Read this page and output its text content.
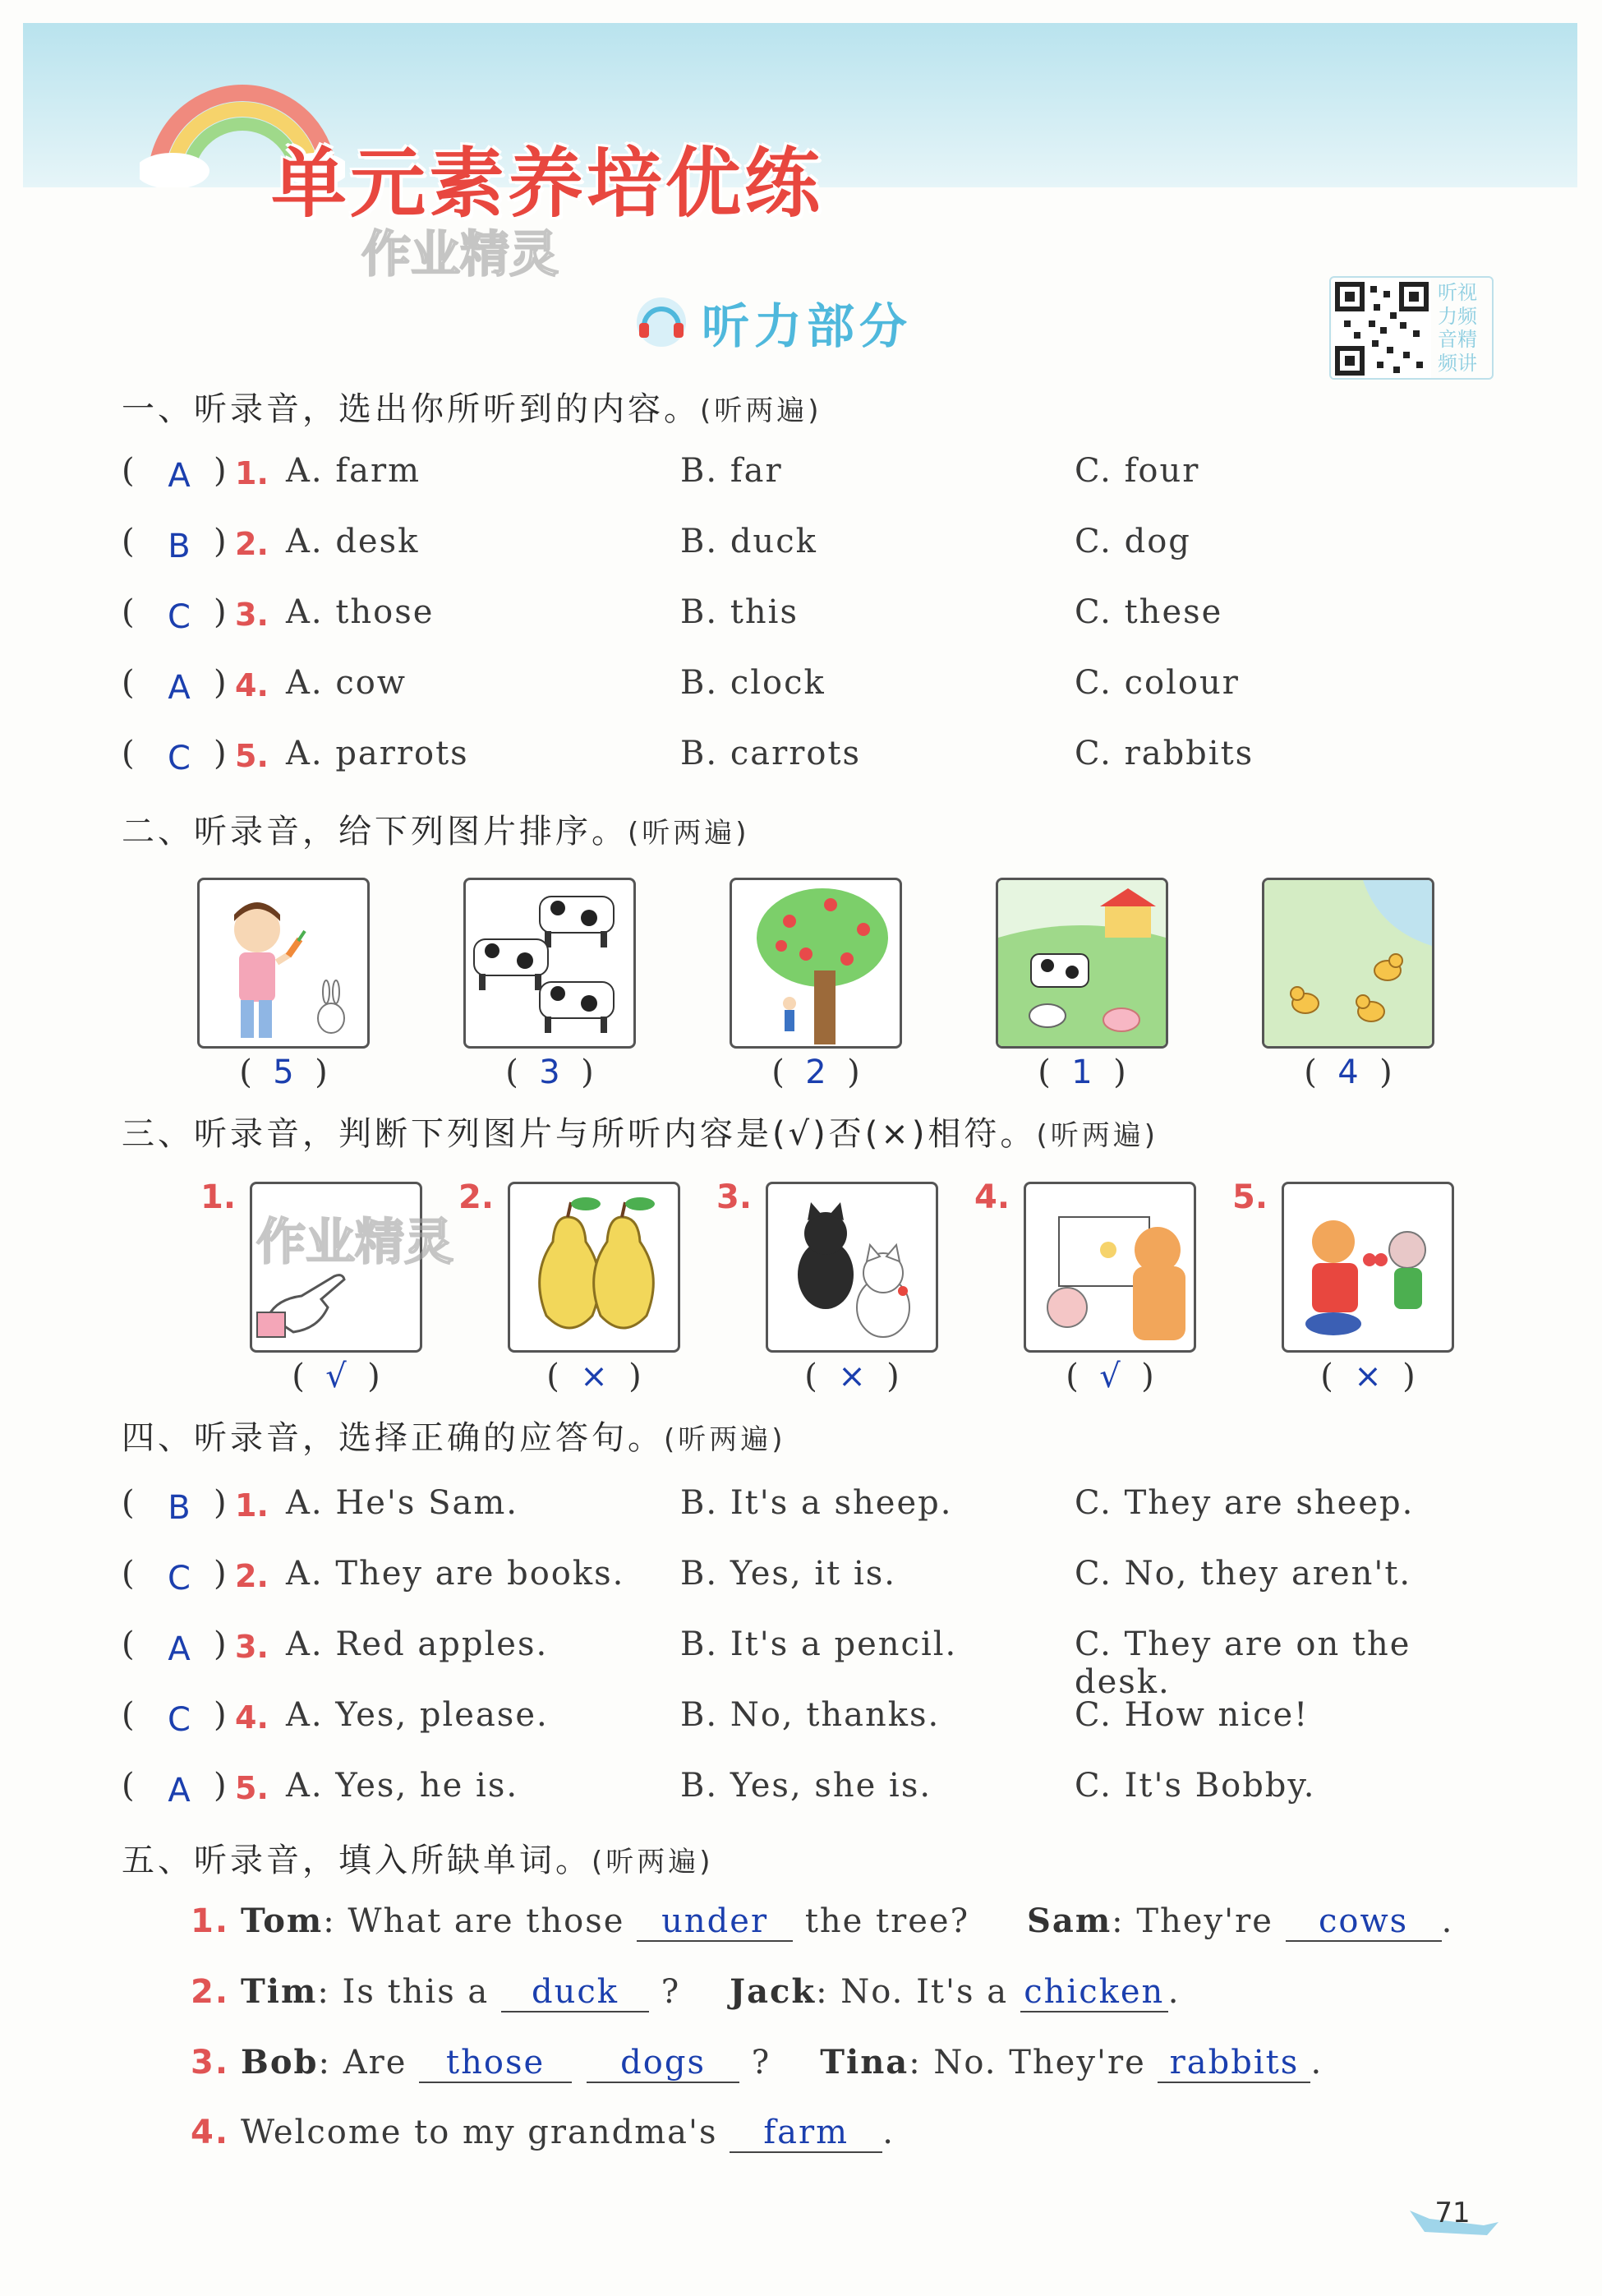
单元素养培优练
作业精灵
听力部分
听 视
力 频
音 精
频 讲
一、听录音，选出你所听到的内容。(听两遍)
( A ) 1. A. farm	B. far	C. four
( B ) 2. A. desk	B. duck	C. dog
( C ) 3. A. those	B. this	C. these
( A ) 4. A. cow	B. clock	C. colour
( C ) 5. A. parrots	B. carrots	C. rabbits
二、听录音，给下列图片排序。(听两遍)
(  5  )	(  3  )	(  2  )	(  1  )	(  4  )
三、听录音，判断下列图片与所听内容是(√)否(×)相符。(听两遍)
1.	2.	3.	4.	5.
作业精灵
(  √  )	(  ×  )	(  ×  )	(  √  )	(  ×  )
四、听录音，选择正确的应答句。(听两遍)
( B ) 1. A. He's Sam.	B. It's a sheep.	C. They are sheep.
( C ) 2. A. They are books. B. Yes, it is.	C. No, they aren't.
( A ) 3. A. Red apples.	B. It's a pencil.	C. They are on the desk.
( C ) 4. A. Yes, please.	B. No, thanks.	C. How nice!
( A ) 5. A. Yes, he is.	B. Yes, she is.	C. It's Bobby.
五、听录音，填入所缺单词。(听两遍)
1. Tom: What are those under the tree? Sam: They're cows .
2. Tim: Is this a duck ? Jack: No. It's a chicken .
3. Bob: Are those dogs ? Tina: No. They're rabbits .
4. Welcome to my grandma's farm .
71
